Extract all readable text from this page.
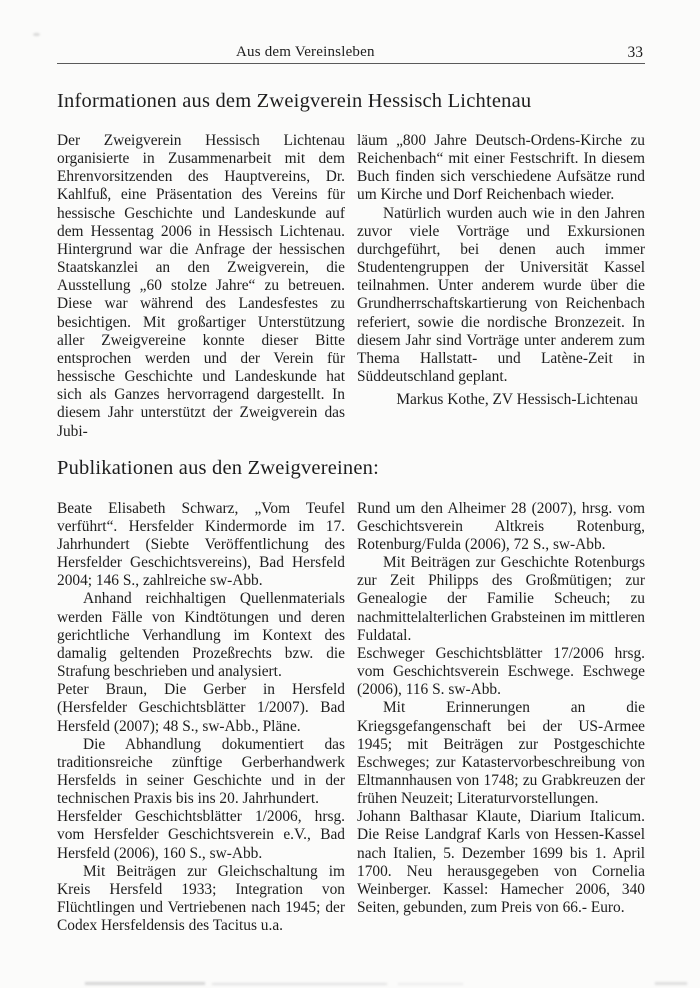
Aus dem Vereinsleben	33
Informationen aus dem Zweigverein Hessisch Lichtenau

Der Zweigverein Hessisch Lichtenau organisierte in Zusammenarbeit mit dem Ehrenvorsitzenden des Hauptvereins, Dr. Kahlfuß, eine Präsentation des Vereins für hessische Geschichte und Landeskunde auf dem Hessentag 2006 in Hessisch Lichtenau. Hintergrund war die Anfrage der hessischen Staatskanzlei an den Zweigverein, die Ausstellung „60 stolze Jahre“ zu betreuen. Diese war während des Landesfestes zu besichtigen. Mit großartiger Unterstützung aller Zweigvereine konnte dieser Bitte entsprochen werden und der Verein für hessische Geschichte und Landeskunde hat sich als Ganzes hervorragend dargestellt. In diesem Jahr unterstützt der Zweigverein das Jubi-

läum „800 Jahre Deutsch-Ordens-Kirche zu Reichenbach“ mit einer Festschrift. In diesem Buch finden sich verschiedene Aufsätze rund um Kirche und Dorf Reichenbach wieder.

Natürlich wurden auch wie in den Jahren zuvor viele Vorträge und Exkursionen durchgeführt, bei denen auch immer Studentengruppen der Universität Kassel teilnahmen. Unter anderem wurde über die Grundherrschaftskartierung von Reichenbach referiert, sowie die nordische Bronzezeit. In diesem Jahr sind Vorträge unter anderem zum Thema Hallstatt- und Latène-Zeit in Süddeutschland geplant.

Markus Kothe, ZV Hessisch-Lichtenau

Publikationen aus den Zweigvereinen:

Beate Elisabeth Schwarz, „Vom Teufel verführt“. Hersfelder Kindermorde im 17. Jahrhundert (Siebte Veröffentlichung des Hersfelder Geschichtsvereins), Bad Hersfeld 2004; 146 S., zahlreiche sw-Abb.

Anhand reichhaltigen Quellenmaterials werden Fälle von Kindtötungen und deren gerichtliche Verhandlung im Kontext des damalig geltenden Prozeßrechts bzw. die Strafung beschrieben und analysiert.

Peter Braun, Die Gerber in Hersfeld (Hersfelder Geschichtsblätter 1/2007). Bad Hersfeld (2007); 48 S., sw-Abb., Pläne.

Die Abhandlung dokumentiert das traditionsreiche zünftige Gerberhandwerk Hersfelds in seiner Geschichte und in der technischen Praxis bis ins 20. Jahrhundert.

Hersfelder Geschichtsblätter 1/2006, hrsg. vom Hersfelder Geschichtsverein e.V., Bad Hersfeld (2006), 160 S., sw-Abb.

Mit Beiträgen zur Gleichschaltung im Kreis Hersfeld 1933; Integration von Flüchtlingen und Vertriebenen nach 1945; der Codex Hersfeldensis des Tacitus u.a.

Rund um den Alheimer 28 (2007), hrsg. vom Geschichtsverein Altkreis Rotenburg, Rotenburg/Fulda (2006), 72 S., sw-Abb.

Mit Beiträgen zur Geschichte Rotenburgs zur Zeit Philipps des Großmütigen; zur Genealogie der Familie Scheuch; zu nachmittelalterlichen Grabsteinen im mittleren Fuldatal.

Eschweger Geschichtsblätter 17/2006 hrsg. vom Geschichtsverein Eschwege. Eschwege (2006), 116 S. sw-Abb.

Mit Erinnerungen an die Kriegsgefangenschaft bei der US-Armee 1945; mit Beiträgen zur Postgeschichte Eschweges; zur Katastervorbeschreibung von Eltmannhausen von 1748; zu Grabkreuzen der frühen Neuzeit; Literaturvorstellungen.

Johann Balthasar Klaute, Diarium Italicum. Die Reise Landgraf Karls von Hessen-Kassel nach Italien, 5. Dezember 1699 bis 1. April 1700. Neu herausgegeben von Cornelia Weinberger. Kassel: Hamecher 2006, 340 Seiten, gebunden, zum Preis von 66.- Euro.
